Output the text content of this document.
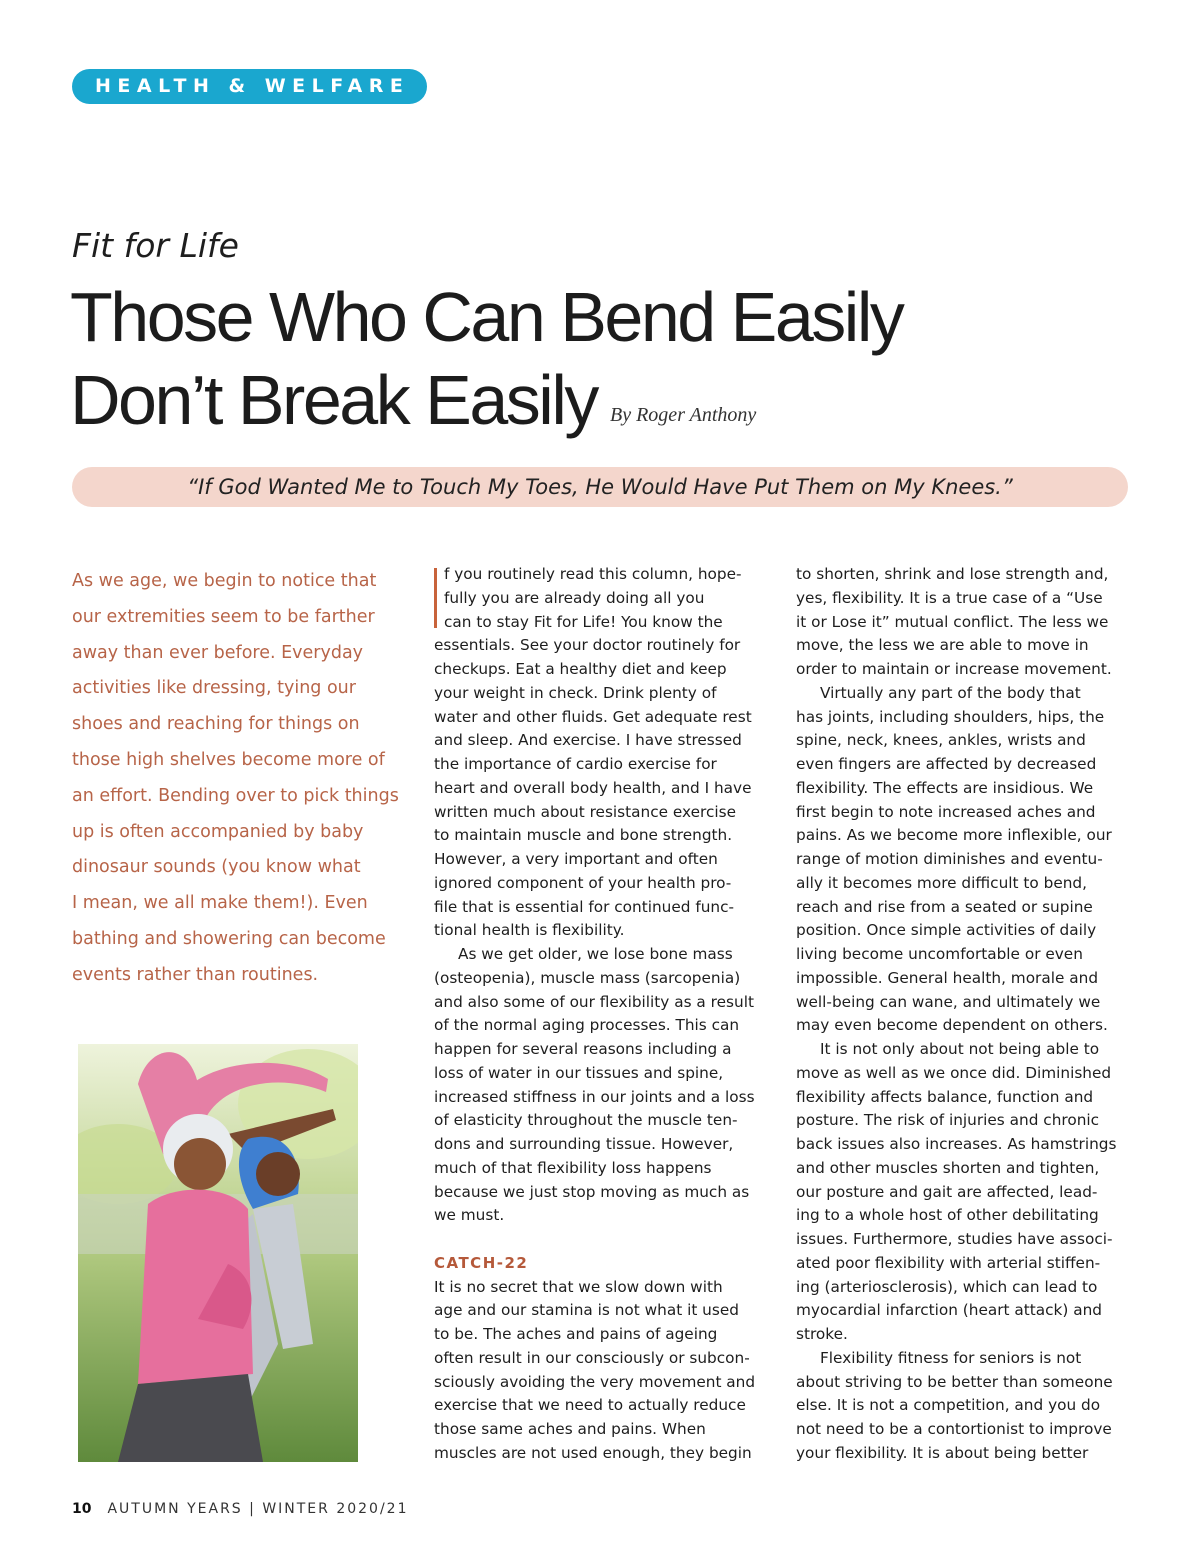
HEALTH & WELFARE
Fit for Life
Those Who Can Bend Easily
Don’t Break Easily By Roger Anthony
“If God Wanted Me to Touch My Toes, He Would Have Put Them on My Knees.”
As we age, we begin to notice that
our extremities seem to be farther
away than ever before. Everyday
activities like dressing, tying our
shoes and reaching for things on
those high shelves become more of
an effort. Bending over to pick things
up is often accompanied by baby
dinosaur sounds (you know what
I mean, we all make them!). Even
bathing and showering can become
events rather than routines.
f you routinely read this column, hope-
fully you are already doing all you
can to stay Fit for Life! You know the
essentials. See your doctor routinely for
checkups. Eat a healthy diet and keep
your weight in check. Drink plenty of
water and other fluids. Get adequate rest
and sleep. And exercise. I have stressed
the importance of cardio exercise for
heart and overall body health, and I have
written much about resistance exercise
to maintain muscle and bone strength.
However, a very important and often
ignored component of your health pro-
file that is essential for continued func-
tional health is flexibility.
As we get older, we lose bone mass
(osteopenia), muscle mass (sarcopenia)
and also some of our flexibility as a result
of the normal aging processes. This can
happen for several reasons including a
loss of water in our tissues and spine,
increased stiffness in our joints and a loss
of elasticity throughout the muscle ten-
dons and surrounding tissue. However,
much of that flexibility loss happens
because we just stop moving as much as
we must.

CATCH-22
It is no secret that we slow down with
age and our stamina is not what it used
to be. The aches and pains of ageing
often result in our consciously or subcon-
sciously avoiding the very movement and
exercise that we need to actually reduce
those same aches and pains. When
muscles are not used enough, they begin
to shorten, shrink and lose strength and,
yes, flexibility. It is a true case of a “Use
it or Lose it” mutual conflict. The less we
move, the less we are able to move in
order to maintain or increase movement.
Virtually any part of the body that
has joints, including shoulders, hips, the
spine, neck, knees, ankles, wrists and
even fingers are affected by decreased
flexibility. The effects are insidious. We
first begin to note increased aches and
pains. As we become more inflexible, our
range of motion diminishes and eventu-
ally it becomes more difficult to bend,
reach and rise from a seated or supine
position. Once simple activities of daily
living become uncomfortable or even
impossible. General health, morale and
well-being can wane, and ultimately we
may even become dependent on others.
It is not only about not being able to
move as well as we once did. Diminished
flexibility affects balance, function and
posture. The risk of injuries and chronic
back issues also increases. As hamstrings
and other muscles shorten and tighten,
our posture and gait are affected, lead-
ing to a whole host of other debilitating
issues. Furthermore, studies have associ-
ated poor flexibility with arterial stiffen-
ing (arteriosclerosis), which can lead to
myocardial infarction (heart attack) and
stroke.
Flexibility fitness for seniors is not
about striving to be better than someone
else. It is not a competition, and you do
not need to be a contortionist to improve
your flexibility. It is about being better
10 AUTUMN YEARS | WINTER 2020/21
